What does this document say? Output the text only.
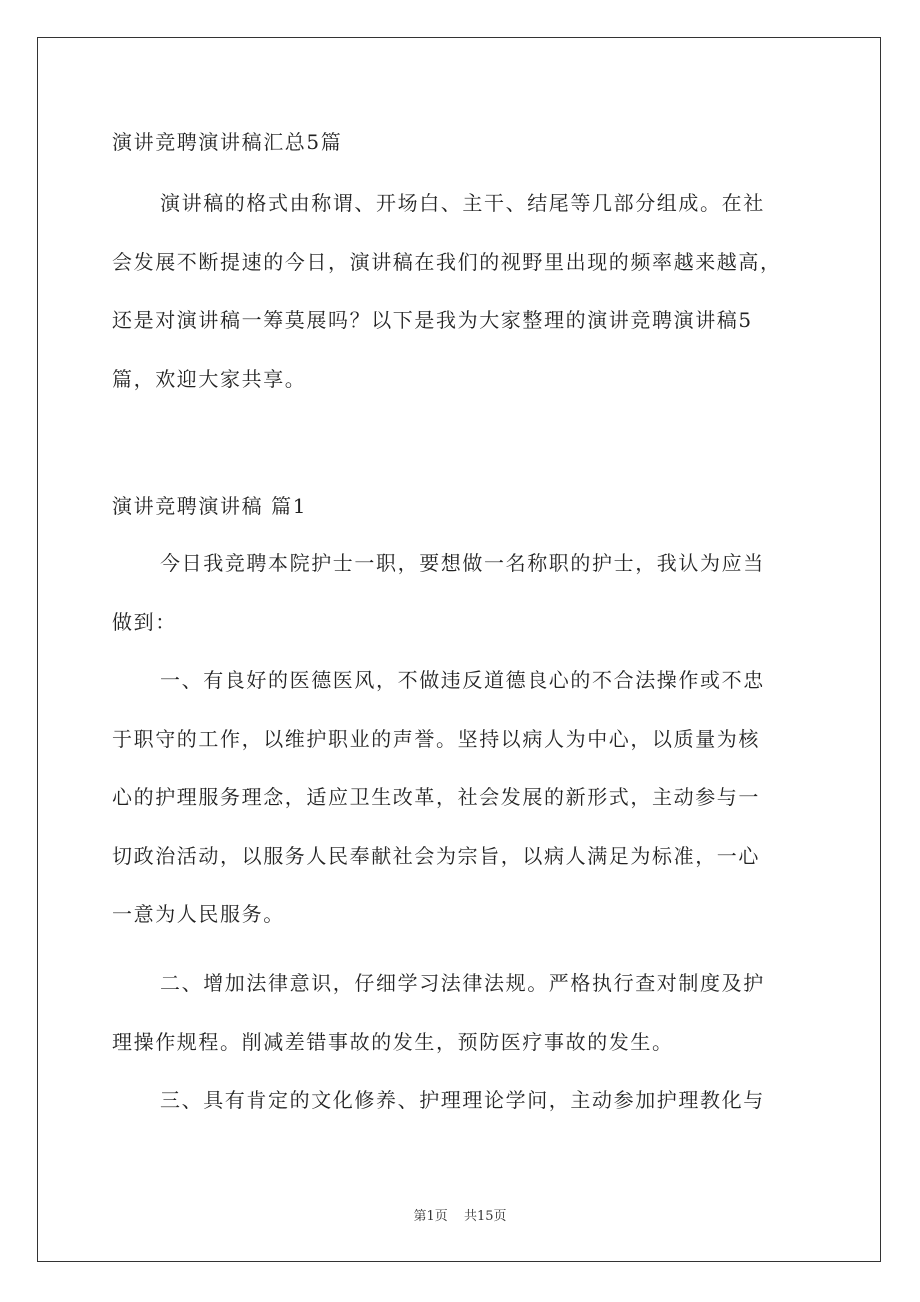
演讲竞聘演讲稿汇总5篇
演讲稿的格式由称谓、开场白、主干、结尾等几部分组成。在社
会发展不断提速的今日，演讲稿在我们的视野里出现的频率越来越高，
还是对演讲稿一筹莫展吗？以下是我为大家整理的演讲竞聘演讲稿5
篇，欢迎大家共享。
演讲竞聘演讲稿 篇1
今日我竞聘本院护士一职，要想做一名称职的护士，我认为应当
做到：
一、有良好的医德医风，不做违反道德良心的不合法操作或不忠
于职守的工作，以维护职业的声誉。坚持以病人为中心，以质量为核
心的护理服务理念，适应卫生改革，社会发展的新形式，主动参与一
切政治活动，以服务人民奉献社会为宗旨，以病人满足为标准，一心
一意为人民服务。
二、增加法律意识，仔细学习法律法规。严格执行查对制度及护
理操作规程。削减差错事故的发生，预防医疗事故的发生。
三、具有肯定的文化修养、护理理论学问，主动参加护理教化与
第1页 共15页
